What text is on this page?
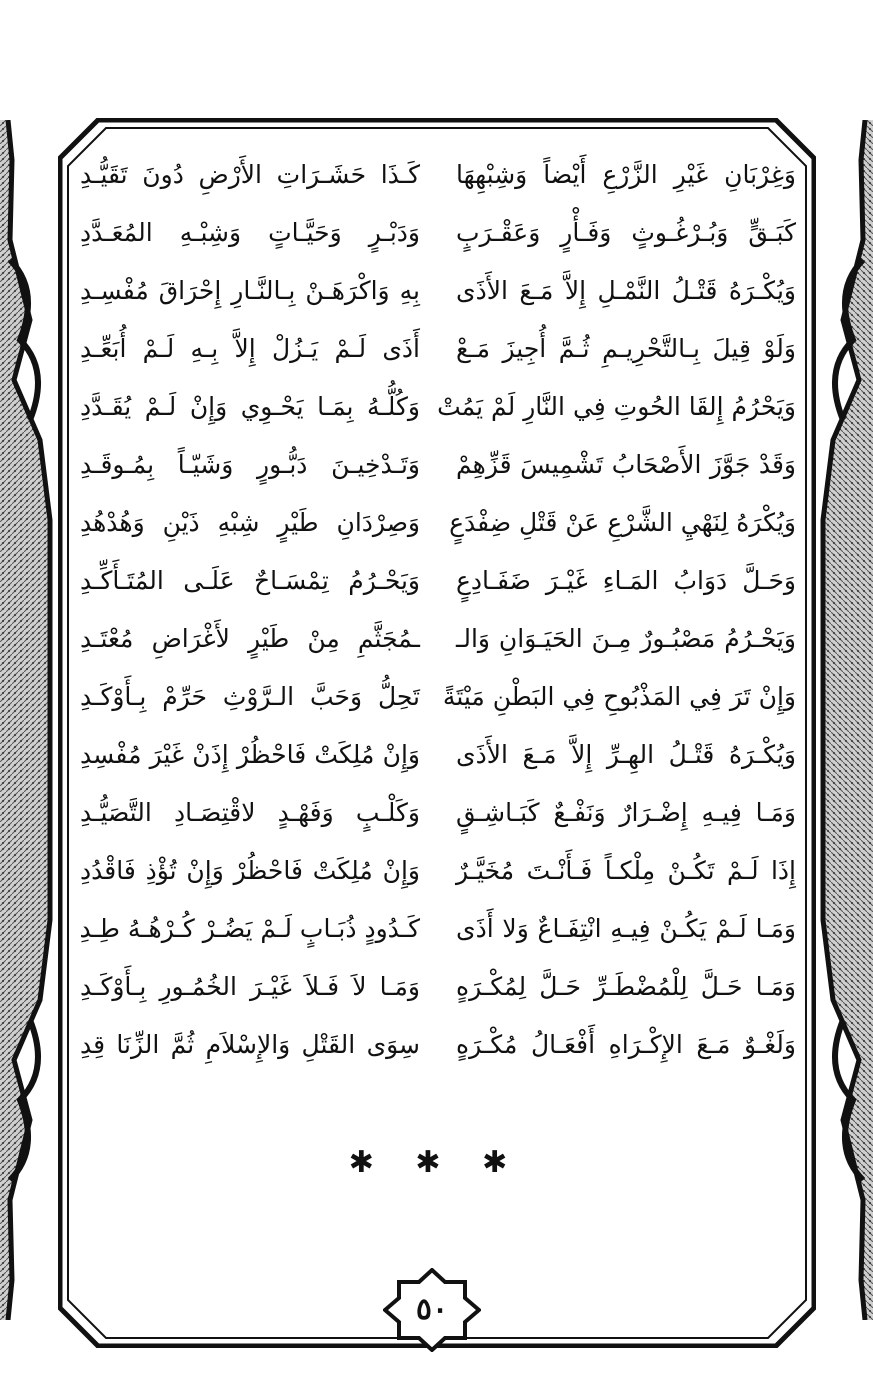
وَغِرْبَانِ غَيْرِ الزَّرْعِ أَيْضاً وَشِبْهِهَا
كَـذَا حَشَـرَاتِ الأَرْضِ دُونَ تَقَيُّـدِ
كَبَـقٍّ وَبُـرْغُـوثٍ وَفَـأْرٍ وَعَقْـرَبٍ
وَدَبْـرٍ وَحَيَّـاتٍ وَشِبْـهِ المُعَـدَّدِ
وَيُكْـرَهُ قَتْـلُ النَّمْـلِ إِلاَّ مَـعَ الأَذَى
بِهِ وَاكْرَهَـنْ بِـالنَّـارِ إِحْرَاقَ مُفْسِـدِ
وَلَوْ قِيلَ بِـالتَّحْرِيـمِ ثُـمَّ أُجِيزَ مَـعْ
أَذَى لَـمْ يَـزُلْ إِلاَّ بِـهِ لَـمْ أُبَعِّـدِ
وَيَحْرُمُ إِلقَا الحُوتِ فِي النَّارِ لَمْ يَمُتْ
وَكُلُّـهُ بِمَـا يَحْـوِي وَإِنْ لَـمْ يُقَـدَّدِ
وَقَدْ جَوَّزَ الأَصْحَابُ تَشْمِيسَ قَزِّهِمْ
وَتَـدْخِيـنَ دَبُّـورٍ وَشَيّـاً بِمُـوقَـدِ
وَيُكْرَهُ لِنَهْيِ الشَّرْعِ عَنْ قَتْلِ ضِفْدَعٍ
وَصِرْدَانِ طَيْرٍ شِبْهِ ذَيْنِ وَهُدْهُدِ
وَحَـلَّ دَوَابُ المَـاءِ غَيْـرَ ضَفَـادِعٍ
وَيَحْـرُمُ تِمْسَـاحٌ عَلَـى المُتَـأَكِّـدِ
وَيَحْـرُمُ مَصْبُـورٌ مِـنَ الحَيَـوَانِ وَالـ
ـمُجَثَّمِ مِنْ طَيْرٍ لأَغْرَاضِ مُعْتَـدِ
وَإِنْ تَرَ فِي المَذْبُوحِ فِي البَطْنِ مَيْتَةً
تَحِلُّ وَحَبَّ الـرَّوْثِ حَرِّمْ بِـأَوْكَـدِ
وَيُكْـرَهُ قَتْـلُ الهِـرِّ إِلاَّ مَـعَ الأَذَى
وَإِنْ مُلِكَتْ فَاحْظُرْ إِذَنْ غَيْرَ مُفْسِدِ
وَمَـا فِيـهِ إِضْـرَارٌ وَنَفْـعٌ كَبَـاشِـقٍ
وَكَلْـبٍ وَفَهْـدٍ لاقْتِصَـادِ التَّصَيُّـدِ
إِذَا لَـمْ تَكُـنْ مِلْكـاً فَـأَنْـتَ مُخَيَّـرٌ
وَإِنْ مُلِكَتْ فَاحْظُرْ وَإِنْ تُؤْذِ فَاقْدُدِ
وَمَـا لَـمْ يَكُـنْ فِيـهِ انْتِفَـاعٌ وَلا أَذَى
كَـدُودٍ ذُبَـابٍ لَـمْ يَضُـرْ كُـرْهُـهُ طِـدِ
وَمَـا حَـلَّ لِلْمُضْطَـرِّ حَـلَّ لِمُكْـرَهٍ
وَمَـا لاَ فَـلاَ غَيْـرَ الخُمُـورِ بِـأَوْكَـدِ
وَلَغْـوٌ مَـعَ الإِكْـرَاهِ أَفْعَـالُ مُكْـرَهٍ
سِوَى القَتْلِ وَالإِسْلاَمِ ثُمَّ الزِّنَا قِدِ
✱ ✱ ✱
٥٠
